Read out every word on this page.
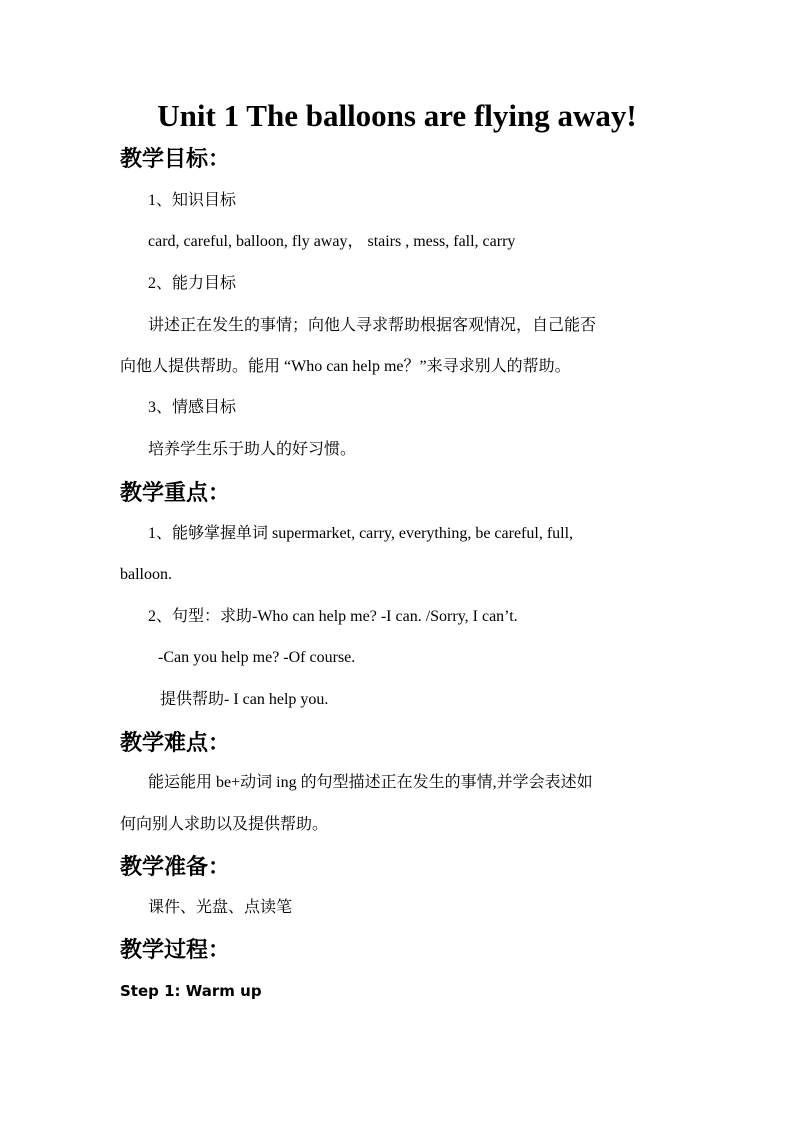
Unit 1 The balloons are flying away!
教学目标：
1、知识目标
card, careful, balloon, fly away， stairs , mess, fall, carry
2、能力目标
讲述正在发生的事情；向他人寻求帮助根据客观情况，自己能否
向他人提供帮助。能用 “Who can help me？”来寻求别人的帮助。
3、情感目标
培养学生乐于助人的好习惯。
教学重点：
1、能够掌握单词 supermarket, carry, everything, be careful, full,
balloon.
2、句型：求助-Who can help me? -I can. /Sorry, I can’t.
-Can you help me? -Of course.
提供帮助- I can help you.
教学难点：
能运能用 be+动词 ing 的句型描述正在发生的事情,并学会表述如
何向别人求助以及提供帮助。
教学准备：
课件、光盘、点读笔
教学过程：
Step 1: Warm up
